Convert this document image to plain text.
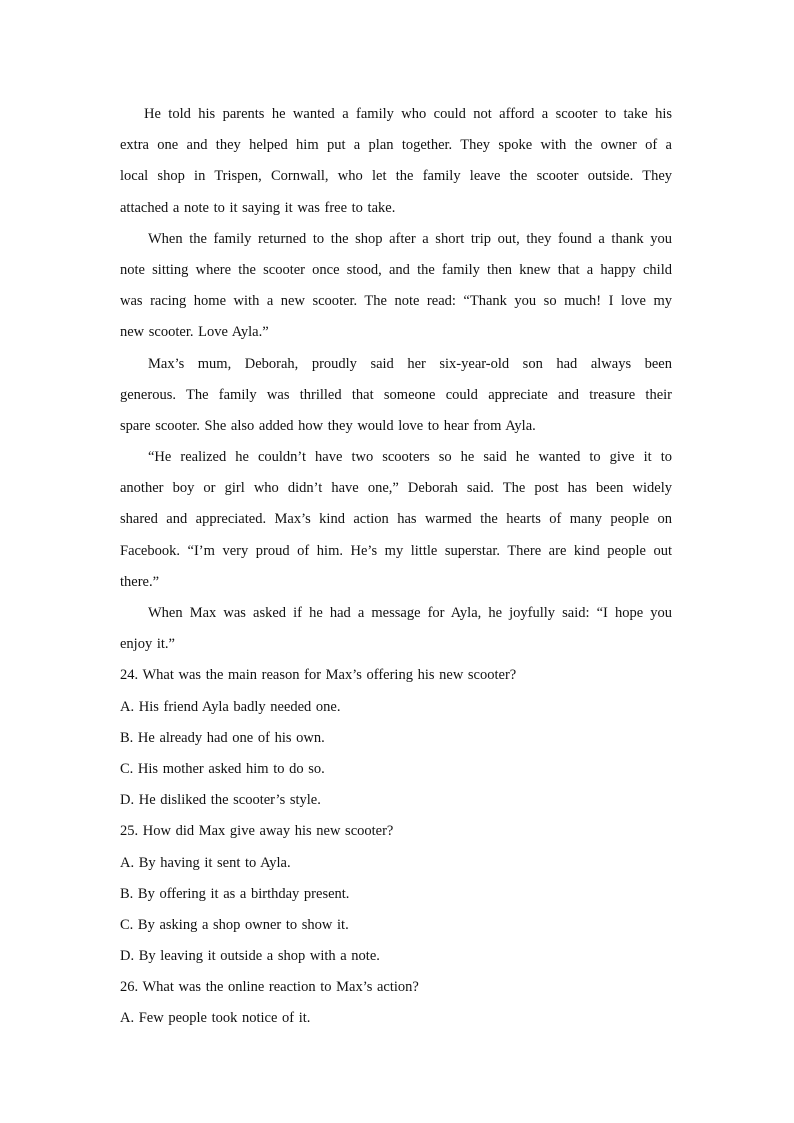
He told his parents he wanted a family who could not afford a scooter to take his
extra one and they helped him put a plan together. They spoke with the owner of a
local shop in Trispen, Cornwall, who let the family leave the scooter outside. They
attached a note to it saying it was free to take.
When the family returned to the shop after a short trip out, they found a thank you
note sitting where the scooter once stood, and the family then knew that a happy child
was racing home with a new scooter. The note read: “Thank you so much! I love my
new scooter. Love Ayla.”
Max’s mum, Deborah, proudly said her six-year-old son had always been
generous. The family was thrilled that someone could appreciate and treasure their
spare scooter. She also added how they would love to hear from Ayla.
“He realized he couldn’t have two scooters so he said he wanted to give it to
another boy or girl who didn’t have one,” Deborah said. The post has been widely
shared and appreciated. Max’s kind action has warmed the hearts of many people on
Facebook. “I’m very proud of him. He’s my little superstar. There are kind people out
there.”
When Max was asked if he had a message for Ayla, he joyfully said: “I hope you
enjoy it.”
24. What was the main reason for Max’s offering his new scooter?
A. His friend Ayla badly needed one.
B. He already had one of his own.
C. His mother asked him to do so.
D. He disliked the scooter’s style.
25. How did Max give away his new scooter?
A. By having it sent to Ayla.
B. By offering it as a birthday present.
C. By asking a shop owner to show it.
D. By leaving it outside a shop with a note.
26. What was the online reaction to Max’s action?
A. Few people took notice of it.
